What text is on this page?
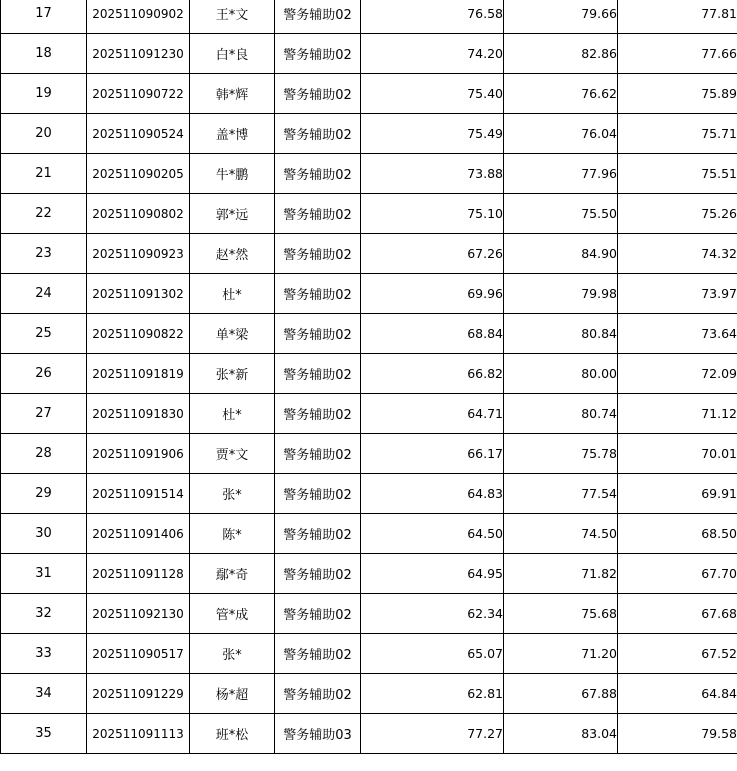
17	202511090902	王*文	警务辅助02	76.58	79.66	77.81
18	202511091230	白*良	警务辅助02	74.20	82.86	77.66
19	202511090722	韩*辉	警务辅助02	75.40	76.62	75.89
20	202511090524	盖*博	警务辅助02	75.49	76.04	75.71
21	202511090205	牛*鹏	警务辅助02	73.88	77.96	75.51
22	202511090802	郭*远	警务辅助02	75.10	75.50	75.26
23	202511090923	赵*然	警务辅助02	67.26	84.90	74.32
24	202511091302	杜*	警务辅助02	69.96	79.98	73.97
25	202511090822	单*梁	警务辅助02	68.84	80.84	73.64
26	202511091819	张*新	警务辅助02	66.82	80.00	72.09
27	202511091830	杜*	警务辅助02	64.71	80.74	71.12
28	202511091906	贾*文	警务辅助02	66.17	75.78	70.01
29	202511091514	张*	警务辅助02	64.83	77.54	69.91
30	202511091406	陈*	警务辅助02	64.50	74.50	68.50
31	202511091128	鄢*奇	警务辅助02	64.95	71.82	67.70
32	202511092130	管*成	警务辅助02	62.34	75.68	67.68
33	202511090517	张*	警务辅助02	65.07	71.20	67.52
34	202511091229	杨*超	警务辅助02	62.81	67.88	64.84
35	202511091113	班*松	警务辅助03	77.27	83.04	79.58
